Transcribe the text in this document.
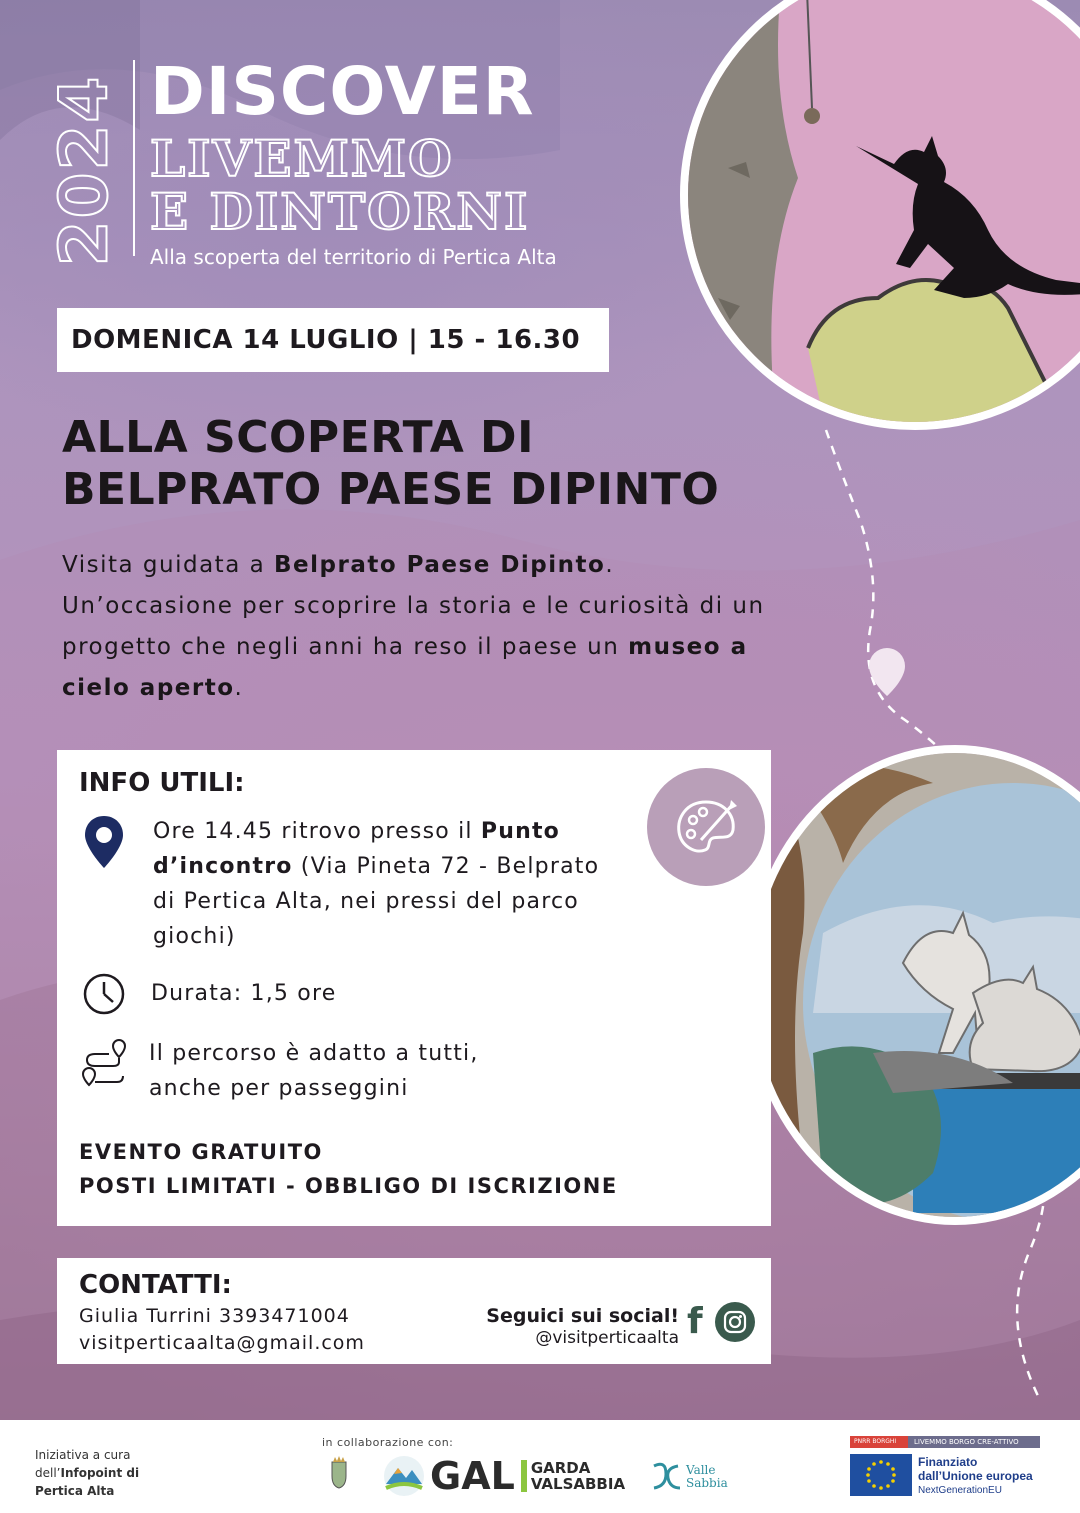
2024 DISCOVER
LIVEMMO
E DINTORNI
Alla scoperta del territorio di Pertica Alta
DOMENICA 14 LUGLIO | 15 - 16.30
ALLA SCOPERTA DI
BELPRATO PAESE DIPINTO
Visita guidata a Belprato Paese Dipinto. Un’occasione per scoprire la storia e le curiosità di un progetto che negli anni ha reso il paese un museo a cielo aperto.
INFO UTILI:
Ore 14.45 ritrovo presso il Punto d’incontro (Via Pineta 72 - Belprato di Pertica Alta, nei pressi del parco giochi)
Durata: 1,5 ore
Il percorso è adatto a tutti,
anche per passeggini
EVENTO GRATUITO
POSTI LIMITATI - OBBLIGO DI ISCRIZIONE
CONTATTI:
Giulia Turrini 3393471004
visitperticaalta@gmail.com
Seguici sui social!
@visitperticaalta f
Iniziativa a cura
dell’Infopoint di
Pertica Alta
in collaborazione con:
GAL GARDA
VALSABBIA
Valle
Sabbia
PNRR BORGHI	LIVEMMO BORGO CRE-ATTIVO
Finanziato
dall’Unione europea
NextGenerationEU
